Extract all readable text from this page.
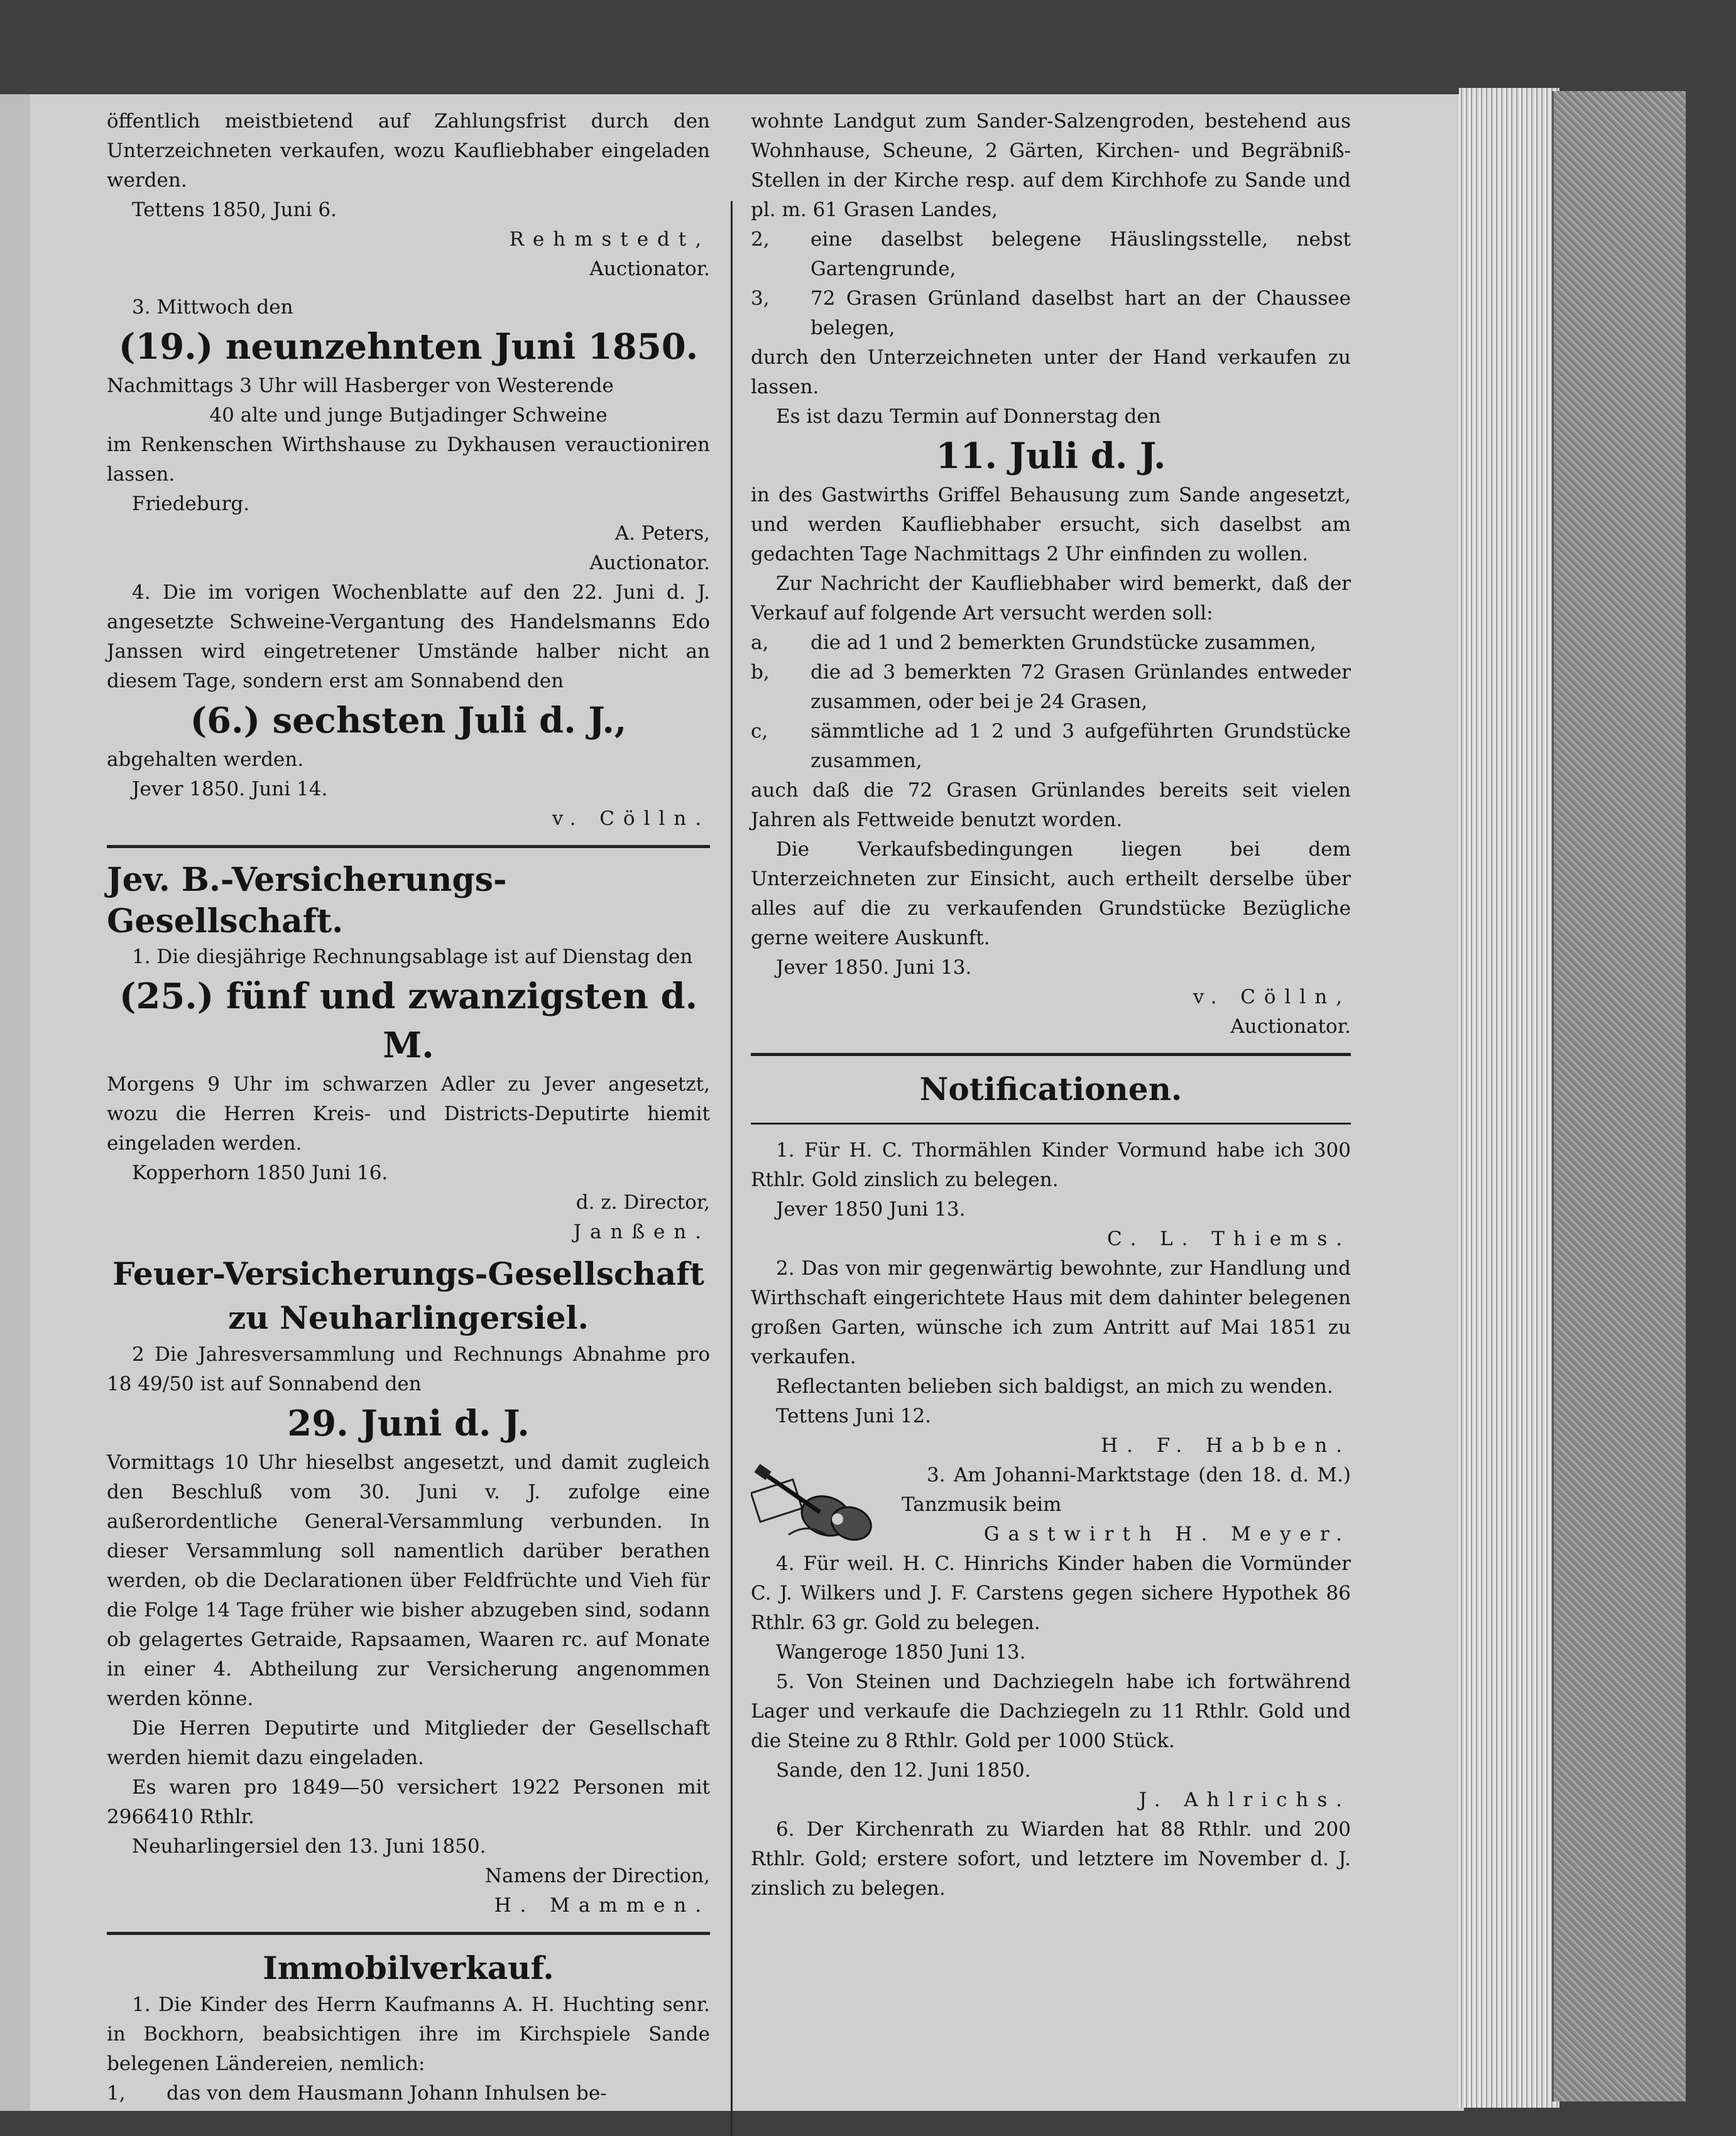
öffentlich meistbietend auf Zahlungsfrist durch den Unterzeichneten verkaufen, wozu Kaufliebhaber eingeladen werden.

Tettens 1850, Juni 6.

Rehmstedt,

Auctionator.

3. Mittwoch den

(19.) neunzehnten Juni 1850.

Nachmittags 3 Uhr will Hasberger von Westerende

40 alte und junge Butjadinger Schweine

im Renkenschen Wirthshause zu Dykhausen verauctioniren lassen.

Friedeburg.

A. Peters,

Auctionator.

4. Die im vorigen Wochenblatte auf den 22. Juni d. J. angesetzte Schweine-Vergantung des Handelsmanns Edo Janssen wird eingetretener Umstände halber nicht an diesem Tage, sondern erst am Sonnabend den

(6.) sechsten Juli d. J.,

abgehalten werden.

Jever 1850. Juni 14.

v. Cölln.

Jev. B.-Versicherungs-Gesellschaft.

1. Die diesjährige Rechnungsablage ist auf Dienstag den

(25.) fünf und zwanzigsten d. M.

Morgens 9 Uhr im schwarzen Adler zu Jever angesetzt, wozu die Herren Kreis- und Districts-Deputirte hiemit eingeladen werden.

Kopperhorn 1850 Juni 16.

d. z. Director,

Janßen.

Feuer-Versicherungs-Gesellschaft

zu Neuharlingersiel.

2 Die Jahresversammlung und Rechnungs Abnahme pro 18 49/50 ist auf Sonnabend den

29. Juni d. J.

Vormittags 10 Uhr hieselbst angesetzt, und damit zugleich den Beschluß vom 30. Juni v. J. zufolge eine außerordentliche General-Versammlung verbunden. In dieser Versammlung soll namentlich darüber berathen werden, ob die Declarationen über Feldfrüchte und Vieh für die Folge 14 Tage früher wie bisher abzugeben sind, sodann ob gelagertes Getraide, Rapsaamen, Waaren rc. auf Monate in einer 4. Abtheilung zur Versicherung angenommen werden könne.

Die Herren Deputirte und Mitglieder der Gesellschaft werden hiemit dazu eingeladen.

Es waren pro 1849—50 versichert 1922 Personen mit 2966410 Rthlr.

Neuharlingersiel den 13. Juni 1850.

Namens der Direction,

H. Mammen.

Immobilverkauf.

1. Die Kinder des Herrn Kaufmanns A. H. Huchting senr. in Bockhorn, beabsichtigen ihre im Kirchspiele Sande belegenen Ländereien, nemlich:

1,	das von dem Hausmann Johann Inhulsen be-

wohnte Landgut zum Sander-Salzengroden, bestehend aus Wohnhause, Scheune, 2 Gärten, Kirchen- und Begräbniß-Stellen in der Kirche resp. auf dem Kirchhofe zu Sande und pl. m. 61 Grasen Landes,

2,	eine daselbst belegene Häuslingsstelle, nebst Gartengrunde,
3,	72 Grasen Grünland daselbst hart an der Chaussee belegen,

durch den Unterzeichneten unter der Hand verkaufen zu lassen.

Es ist dazu Termin auf Donnerstag den

11. Juli d. J.

in des Gastwirths Griffel Behausung zum Sande angesetzt, und werden Kaufliebhaber ersucht, sich daselbst am gedachten Tage Nachmittags 2 Uhr einfinden zu wollen.

Zur Nachricht der Kaufliebhaber wird bemerkt, daß der Verkauf auf folgende Art versucht werden soll:

a,	die ad 1 und 2 bemerkten Grundstücke zusammen,
b,	die ad 3 bemerkten 72 Grasen Grünlandes entweder zusammen, oder bei je 24 Grasen,
c,	sämmtliche ad 1 2 und 3 aufgeführten Grundstücke zusammen,

auch daß die 72 Grasen Grünlandes bereits seit vielen Jahren als Fettweide benutzt worden.

Die Verkaufsbedingungen liegen bei dem Unterzeichneten zur Einsicht, auch ertheilt derselbe über alles auf die zu verkaufenden Grundstücke Bezügliche gerne weitere Auskunft.

Jever 1850. Juni 13.

v. Cölln,

Auctionator.

Notificationen.

1. Für H. C. Thormählen Kinder Vormund habe ich 300 Rthlr. Gold zinslich zu belegen.

Jever 1850 Juni 13.

C. L. Thiems.

2. Das von mir gegenwärtig bewohnte, zur Handlung und Wirthschaft eingerichtete Haus mit dem dahinter belegenen großen Garten, wünsche ich zum Antritt auf Mai 1851 zu verkaufen.

Reflectanten belieben sich baldigst, an mich zu wenden.

Tettens Juni 12.

H. F. Habben.

3. Am Johanni-Marktstage (den 18. d. M.) Tanzmusik beim

Gastwirth H. Meyer.

4. Für weil. H. C. Hinrichs Kinder haben die Vormünder C. J. Wilkers und J. F. Carstens gegen sichere Hypothek 86 Rthlr. 63 gr. Gold zu belegen.

Wangeroge 1850 Juni 13.

5. Von Steinen und Dachziegeln habe ich fortwährend Lager und verkaufe die Dachziegeln zu 11 Rthlr. Gold und die Steine zu 8 Rthlr. Gold per 1000 Stück.

Sande, den 12. Juni 1850.

J. Ahlrichs.

6. Der Kirchenrath zu Wiarden hat 88 Rthlr. und 200 Rthlr. Gold; erstere sofort, und letztere im November d. J. zinslich zu belegen.
